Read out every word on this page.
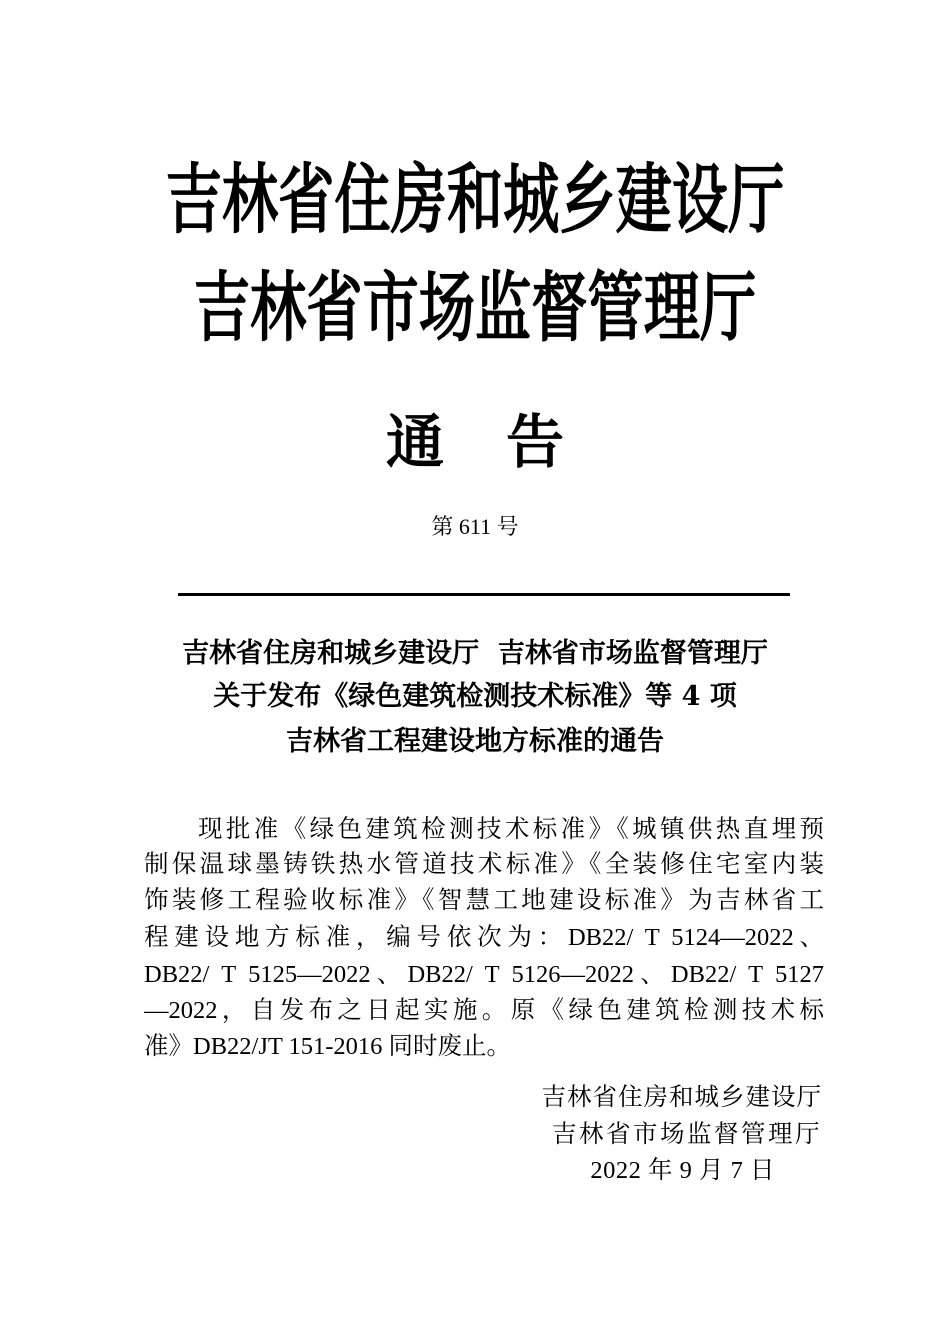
吉林省住房和城乡建设厅
吉林省市场监督管理厅
通告
第 611 号
吉林省住房和城乡建设厅  吉林省市场监督管理厅
关于发布《绿色建筑检测技术标准》等 4 项
吉林省工程建设地方标准的通告
现批准《绿色建筑检测技术标准》《城镇供热直埋预
制保温球墨铸铁热水管道技术标准》《全装修住宅室内装
饰装修工程验收标准》《智慧工地建设标准》为吉林省工
程建设地方标准，编号依次为：DB22/ T 5124—2022、
DB22/ T 5125—2022、DB22/ T 5126—2022、DB22/ T 5127
—2022，自发布之日起实施。原《绿色建筑检测技术标
准》DB22/JT 151-2016 同时废止。
吉林省住房和城乡建设厅
吉林省市场监督管理厅
2022 年 9 月 7 日
